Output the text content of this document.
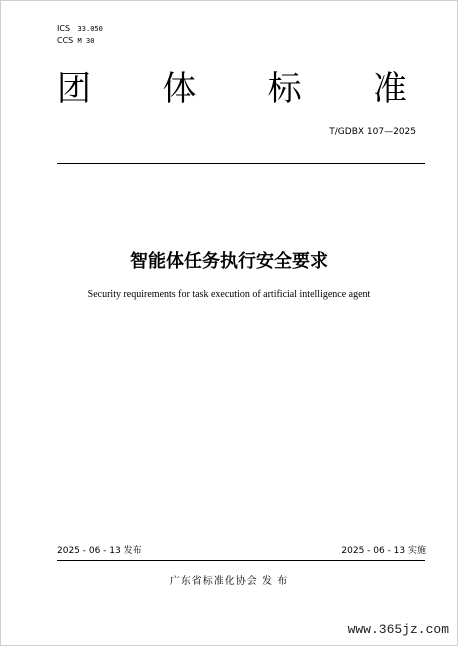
ICS 33.050

CCS M 30

团 体 标 准

T/GDBX 107—2025

智能体任务执行安全要求

Security requirements for task execution of artificial intelligence agent

2025 - 06 - 13 发布	2025 - 06 - 13 实施

广东省标准化协会 发 布

www.365jz.com
